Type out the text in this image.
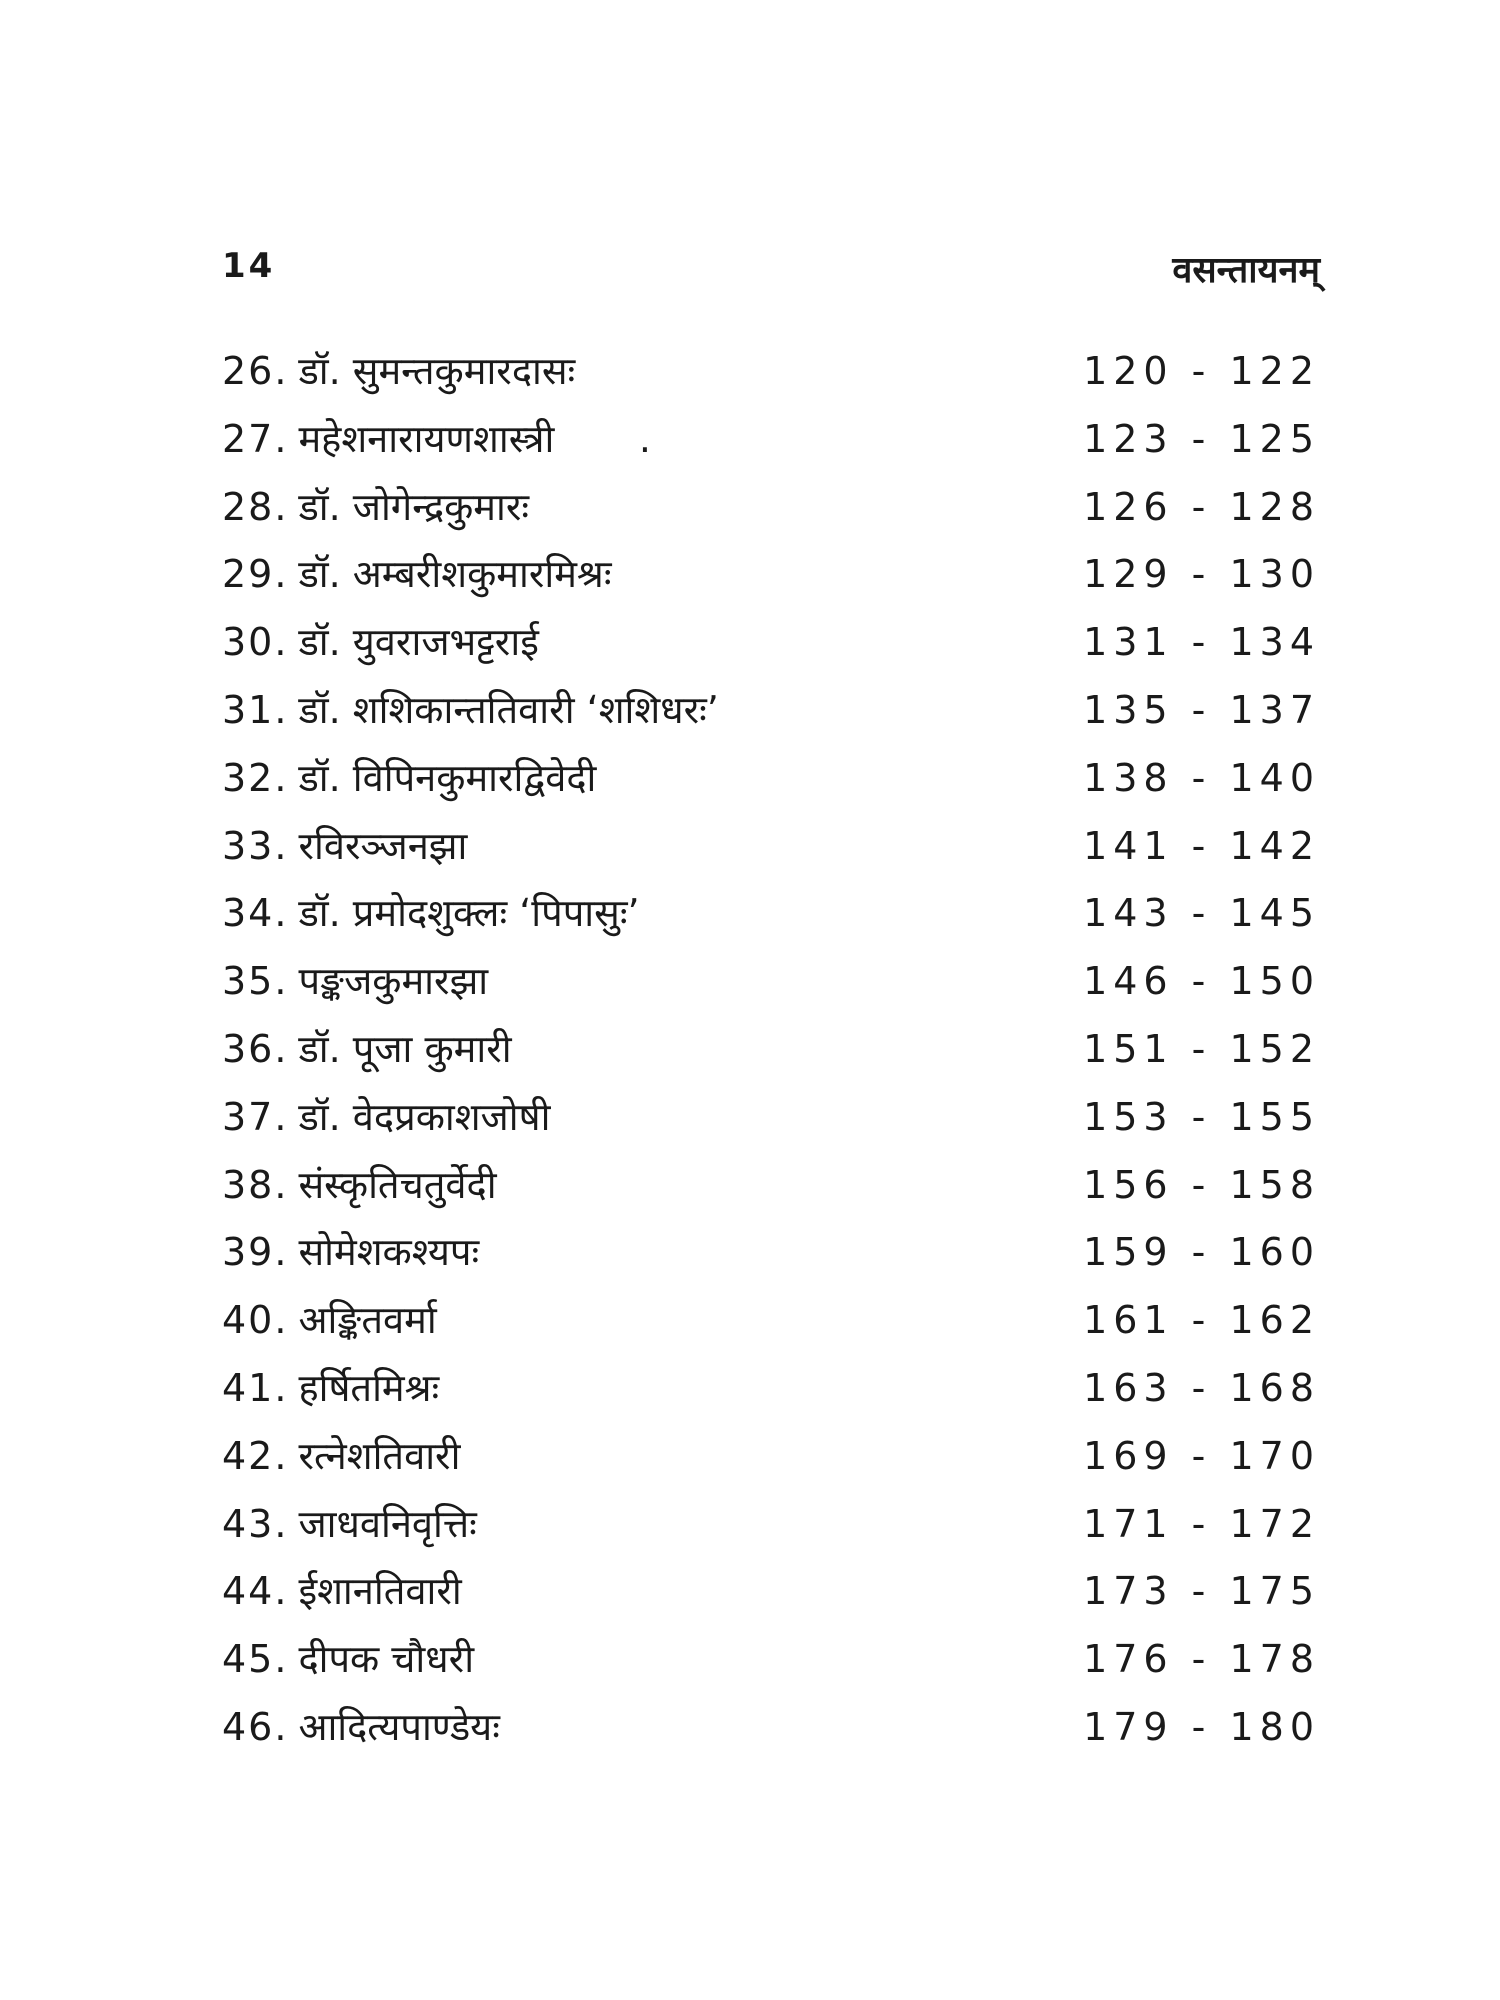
14	वसन्तायनम्
26. डॉ. सुमन्तकुमारदासः	120 - 122
27. महेशनारायणशास्त्री       .	123 - 125
28. डॉ. जोगेन्द्रकुमारः	126 - 128
29. डॉ. अम्बरीशकुमारमिश्रः	129 - 130
30. डॉ. युवराजभट्टराई	131 - 134
31. डॉ. शशिकान्ततिवारी ‘शशिधरः’	135 - 137
32. डॉ. विपिनकुमारद्विवेदी	138 - 140
33. रविरञ्जनझा	141 - 142
34. डॉ. प्रमोदशुक्लः ‘पिपासुः’	143 - 145
35. पङ्कजकुमारझा	146 - 150
36. डॉ. पूजा कुमारी	151 - 152
37. डॉ. वेदप्रकाशजोषी	153 - 155
38. संस्कृतिचतुर्वेदी	156 - 158
39. सोमेशकश्यपः	159 - 160
40. अङ्कितवर्मा	161 - 162
41. हर्षितमिश्रः	163 - 168
42. रत्नेशतिवारी	169 - 170
43. जाधवनिवृत्तिः	171 - 172
44. ईशानतिवारी	173 - 175
45. दीपक चौधरी	176 - 178
46. आदित्यपाण्डेयः	179 - 180
